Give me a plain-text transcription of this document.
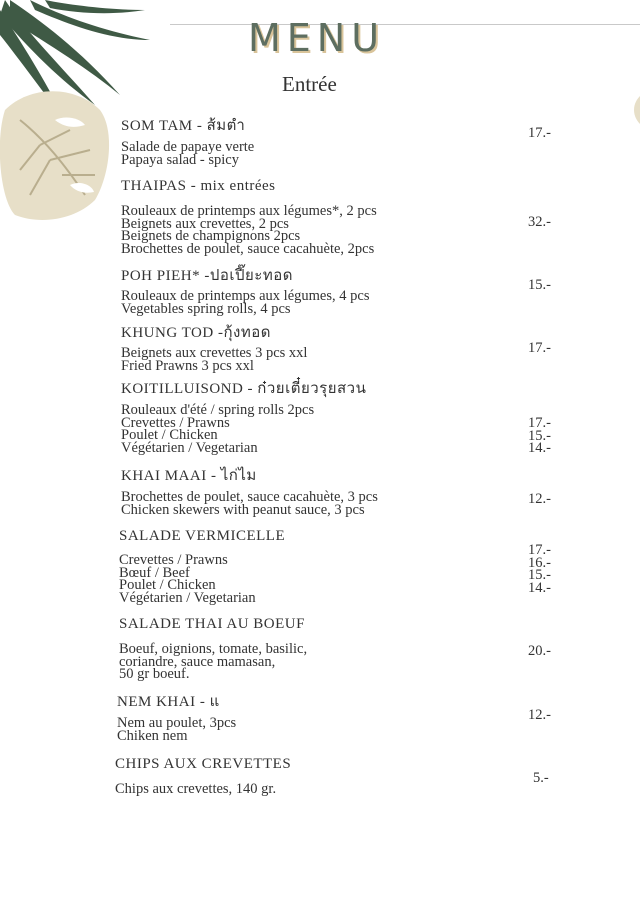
MENU
Entrée
SOM TAM - ส้มตำ	17.-
Salade de papaye verte
Papaya salad - spicy
THAIPAS - mix entrées
Rouleaux de printemps aux légumes*, 2 pcs
Beignets aux crevettes, 2 pcs
Beignets de champignons 2pcs
Brochettes de poulet, sauce cacahuète, 2pcs
32.-
POH PIEH* -ปอเปี๊ยะทอด
15.-
Rouleaux de printemps aux légumes, 4 pcs
Vegetables spring rolls, 4 pcs
KHUNG TOD -กุ้งทอด
17.-
Beignets aux crevettes 3 pcs xxl
Fried Prawns 3 pcs xxl
KOITILLUISOND - ก๋วยเตี๋ยวรุยสวน
Rouleaux d'été / spring rolls 2pcs
Crevettes / Prawns
Poulet / Chicken
Végétarien / Vegetarian
17.-
15.-
14.-
KHAI MAAI - ไก่ไม
Brochettes de poulet, sauce cacahuète, 3 pcs
Chicken skewers with peanut sauce, 3 pcs
12.-
SALADE VERMICELLE
17.-
16.-
15.-
14.-
Crevettes / Prawns
Bœuf / Beef
Poulet / Chicken
Végétarien / Vegetarian
SALADE THAI AU BOEUF
Boeuf, oignions, tomate, basilic,
coriandre, sauce mamasan,
50 gr boeuf.
20.-
NEM KHAI - แ
12.-
Nem au poulet, 3pcs
Chiken nem
CHIPS AUX CREVETTES
5.-
Chips aux crevettes, 140 gr.
